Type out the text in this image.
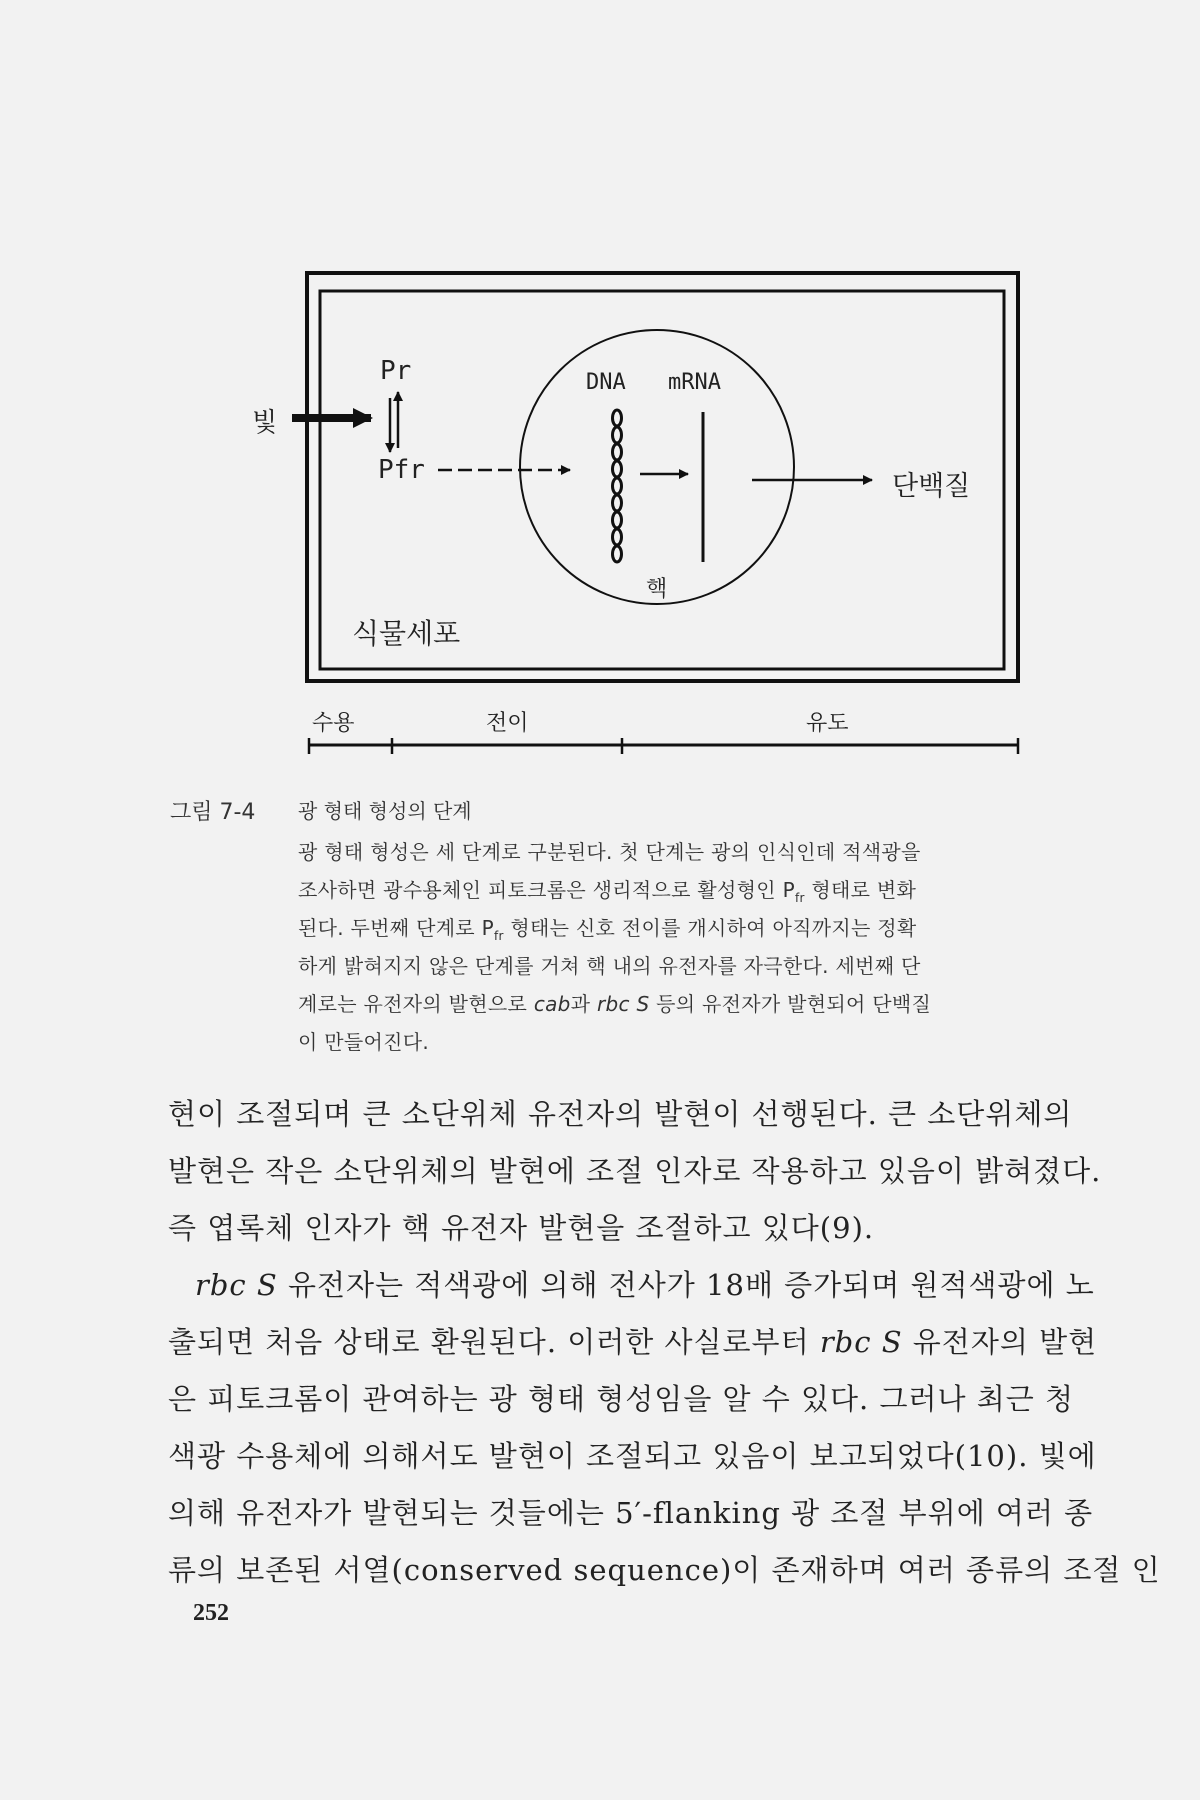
빛
Pr
Pfr
DNA mRNA
단백질
핵
식물세포
수용	전이	유도
그림 7-4 광 형태 형성의 단계
광 형태 형성은 세 단계로 구분된다. 첫 단계는 광의 인식인데 적색광을
조사하면 광수용체인 피토크롬은 생리적으로 활성형인 $P_{fr}$ 형태로 변화
된다. 두번째 단계로 $P_{fr}$ 형태는 신호 전이를 개시하여 아직까지는 정확
하게 밝혀지지 않은 단계를 거쳐 핵 내의 유전자를 자극한다. 세번째 단
계로는 유전자의 발현으로 cab과 rbc S 등의 유전자가 발현되어 단백질
이 만들어진다.
현이 조절되며 큰 소단위체 유전자의 발현이 선행된다. 큰 소단위체의
발현은 작은 소단위체의 발현에 조절 인자로 작용하고 있음이 밝혀졌다.
즉 엽록체 인자가 핵 유전자 발현을 조절하고 있다(9).
rbc S 유전자는 적색광에 의해 전사가 18배 증가되며 원적색광에 노
출되면 처음 상태로 환원된다. 이러한 사실로부터 rbc S 유전자의 발현
은 피토크롬이 관여하는 광 형태 형성임을 알 수 있다. 그러나 최근 청
색광 수용체에 의해서도 발현이 조절되고 있음이 보고되었다(10). 빛에
의해 유전자가 발현되는 것들에는 5′-flanking 광 조절 부위에 여러 종
류의 보존된 서열(conserved sequence)이 존재하며 여러 종류의 조절 인
252
